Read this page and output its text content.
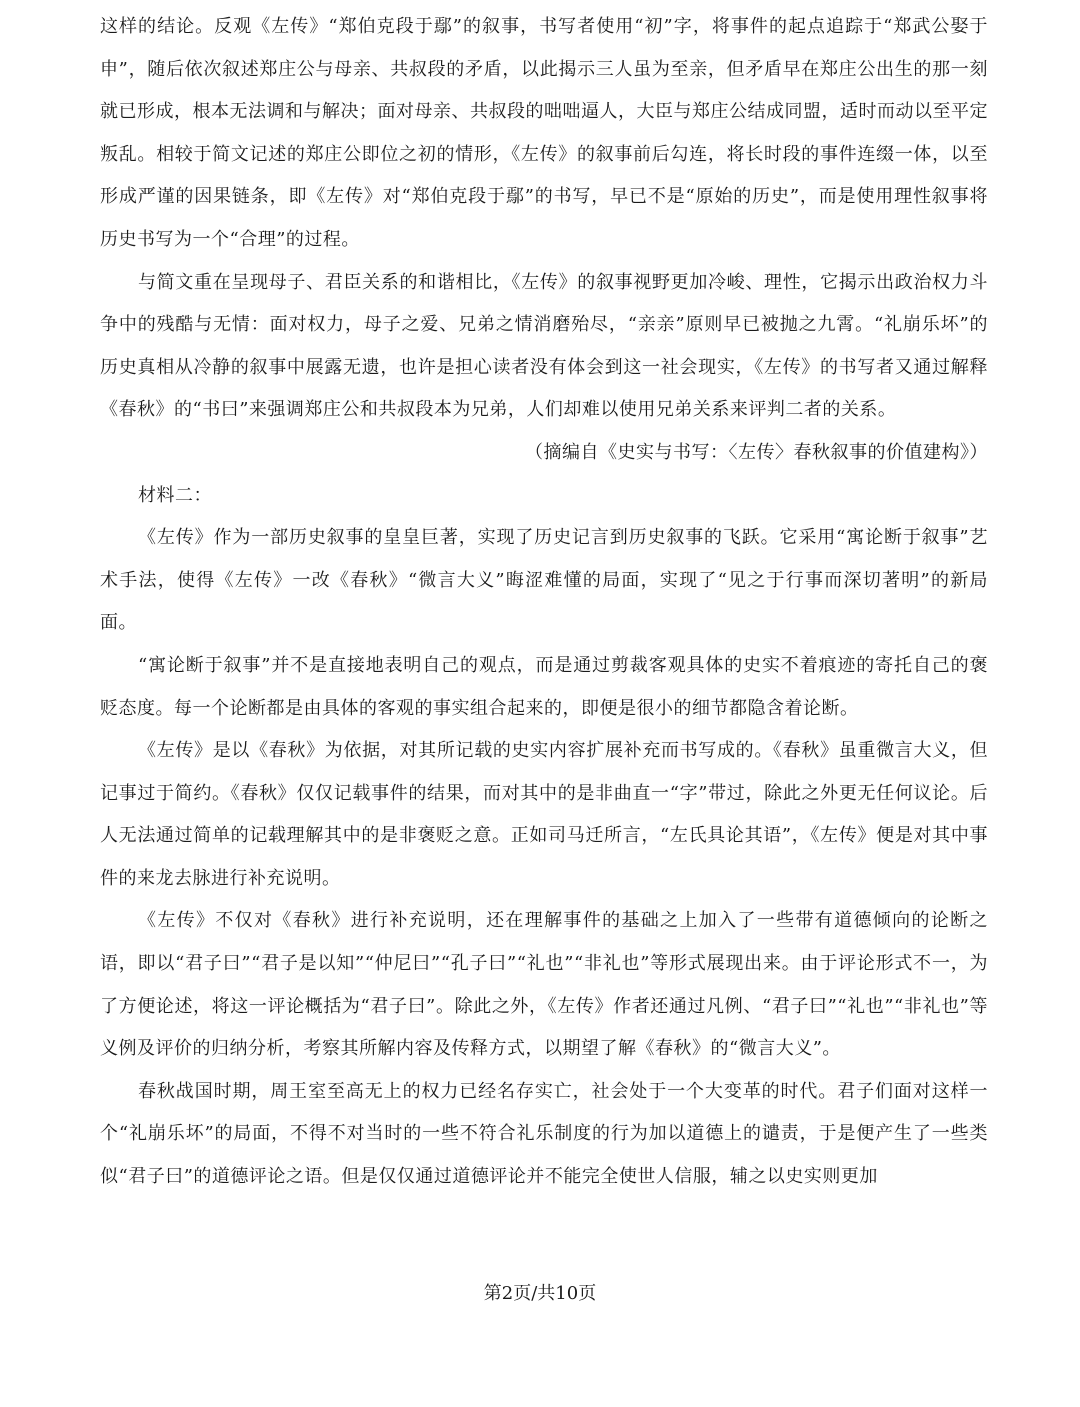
这样的结论。反观《左传》“郑伯克段于鄢”的叙事，书写者使用“初”字，将事件的起点追踪于“郑武公娶于申”，随后依次叙述郑庄公与母亲、共叔段的矛盾，以此揭示三人虽为至亲，但矛盾早在郑庄公出生的那一刻就已形成，根本无法调和与解决；面对母亲、共叔段的咄咄逼人，大臣与郑庄公结成同盟，适时而动以至平定叛乱。相较于简文记述的郑庄公即位之初的情形，《左传》的叙事前后勾连，将长时段的事件连缀一体，以至形成严谨的因果链条，即《左传》对“郑伯克段于鄢”的书写，早已不是“原始的历史”，而是使用理性叙事将历史书写为一个“合理”的过程。

与简文重在呈现母子、君臣关系的和谐相比，《左传》的叙事视野更加冷峻、理性，它揭示出政治权力斗争中的残酷与无情：面对权力，母子之爱、兄弟之情消磨殆尽，“亲亲”原则早已被抛之九霄。“礼崩乐坏”的历史真相从冷静的叙事中展露无遗，也许是担心读者没有体会到这一社会现实，《左传》的书写者又通过解释《春秋》的“书曰”来强调郑庄公和共叔段本为兄弟，人们却难以使用兄弟关系来评判二者的关系。

（摘编自《史实与书写：〈左传〉春秋叙事的价值建构》）

材料二：

《左传》作为一部历史叙事的皇皇巨著，实现了历史记言到历史叙事的飞跃。它采用“寓论断于叙事”艺术手法，使得《左传》一改《春秋》“微言大义”晦涩难懂的局面，实现了“见之于行事而深切著明”的新局面。

“寓论断于叙事”并不是直接地表明自己的观点，而是通过剪裁客观具体的史实不着痕迹的寄托自己的褒贬态度。每一个论断都是由具体的客观的事实组合起来的，即便是很小的细节都隐含着论断。

《左传》是以《春秋》为依据，对其所记载的史实内容扩展补充而书写成的。《春秋》虽重微言大义，但记事过于简约。《春秋》仅仅记载事件的结果，而对其中的是非曲直一“字”带过，除此之外更无任何议论。后人无法通过简单的记载理解其中的是非褒贬之意。正如司马迁所言，“左氏具论其语”，《左传》便是对其中事件的来龙去脉进行补充说明。

《左传》不仅对《春秋》进行补充说明，还在理解事件的基础之上加入了一些带有道德倾向的论断之语，即以“君子曰”“君子是以知”“仲尼曰”“孔子曰”“礼也”“非礼也”等形式展现出来。由于评论形式不一，为了方便论述，将这一评论概括为“君子曰”。除此之外，《左传》作者还通过凡例、“君子曰”“礼也”“非礼也”等义例及评价的归纳分析，考察其所解内容及传释方式，以期望了解《春秋》的“微言大义”。

春秋战国时期，周王室至高无上的权力已经名存实亡，社会处于一个大变革的时代。君子们面对这样一个“礼崩乐坏”的局面，不得不对当时的一些不符合礼乐制度的行为加以道德上的谴责，于是便产生了一些类似“君子曰”的道德评论之语。但是仅仅通过道德评论并不能完全使世人信服，辅之以史实则更加

第2页/共10页
